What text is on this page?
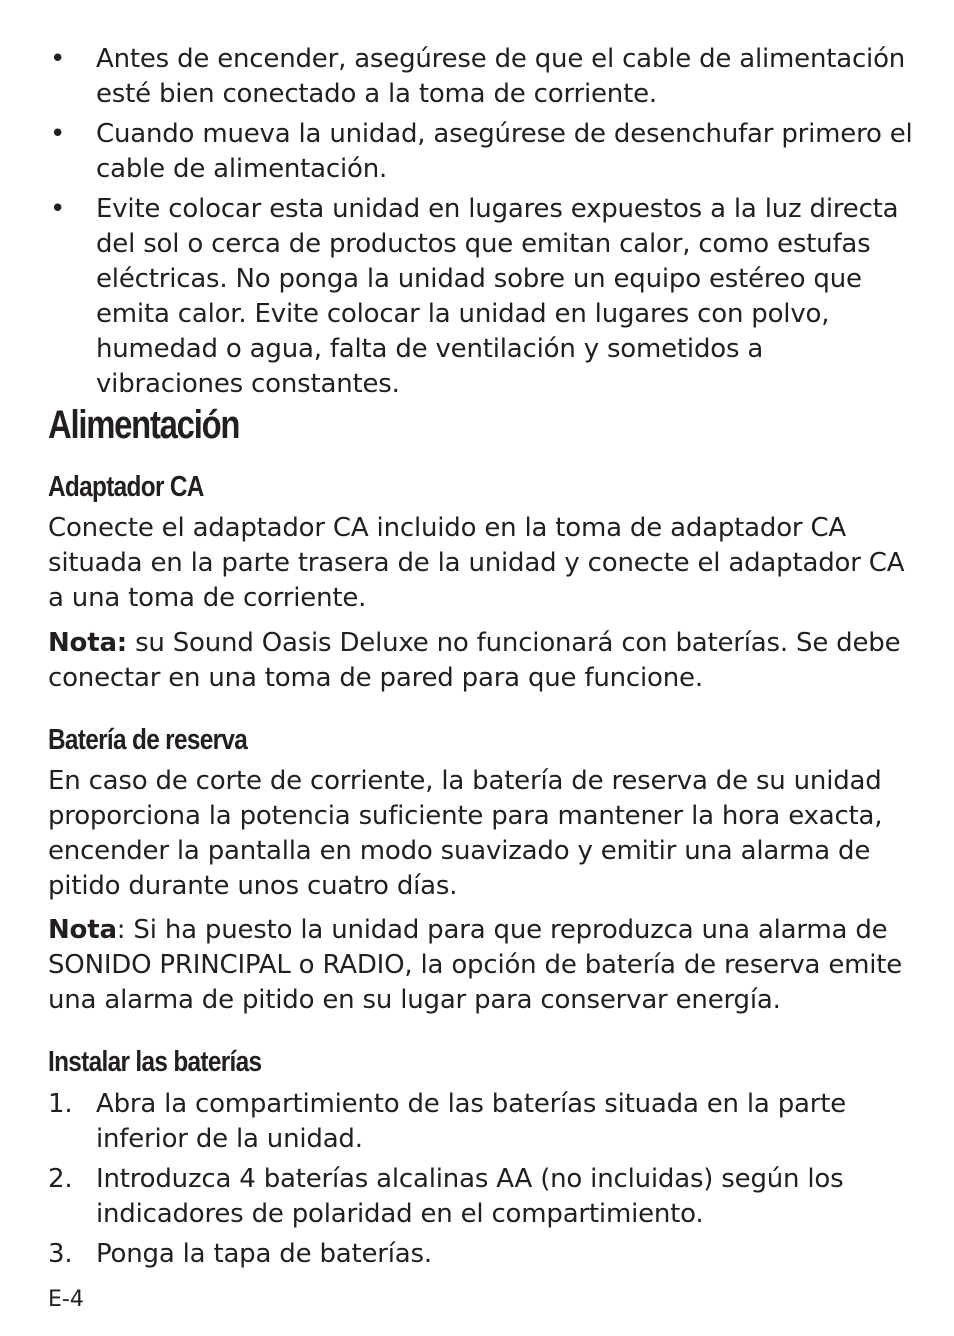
• Antes de encender, asegúrese de que el cable de alimentación esté bien conectado a la toma de corriente.
• Cuando mueva la unidad, asegúrese de desenchufar primero el cable de alimentación.
• Evite colocar esta unidad en lugares expuestos a la luz directa del sol o cerca de productos que emitan calor, como estufas eléctricas. No ponga la unidad sobre un equipo estéreo que emita calor. Evite colocar la unidad en lugares con polvo, humedad o agua, falta de ventilación y sometidos a vibraciones constantes.
Alimentación
Adaptador CA

Conecte el adaptador CA incluido en la toma de adaptador CA situada en la parte trasera de la unidad y conecte el adaptador CA a una toma de corriente.

Nota: su Sound Oasis Deluxe no funcionará con baterías. Se debe conectar en una toma de pared para que funcione.

Batería de reserva

En caso de corte de corriente, la batería de reserva de su unidad proporciona la potencia suficiente para mantener la hora exacta, encender la pantalla en modo suavizado y emitir una alarma de pitido durante unos cuatro días.

Nota: Si ha puesto la unidad para que reproduzca una alarma de SONIDO PRINCIPAL o RADIO, la opción de batería de reserva emite una alarma de pitido en su lugar para conservar energía.

Instalar las baterías
1. Abra la compartimiento de las baterías situada en la parte inferior de la unidad.
2. Introduzca 4 baterías alcalinas AA (no incluidas) según los indicadores de polaridad en el compartimiento.
3. Ponga la tapa de baterías.
E-4
